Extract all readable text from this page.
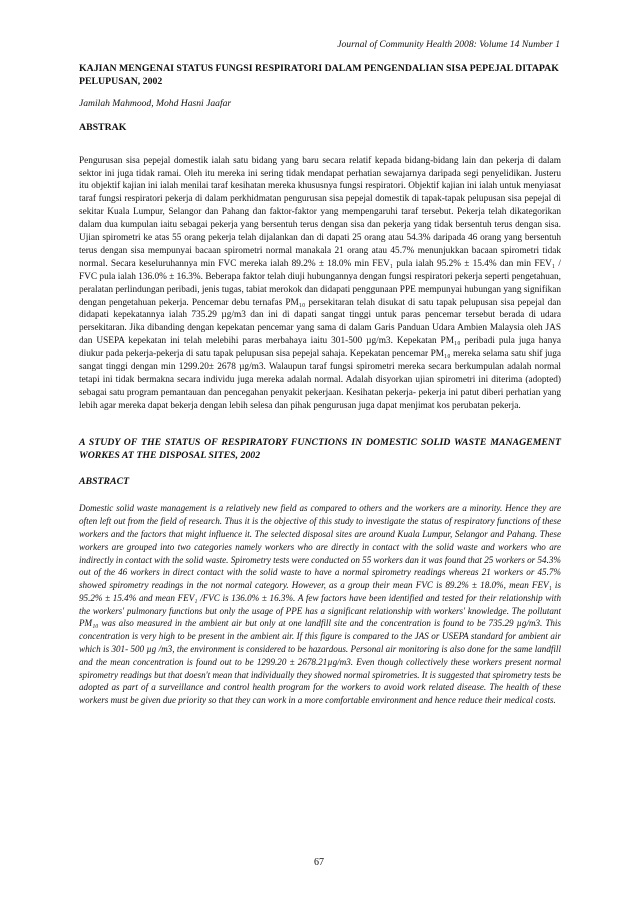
Journal of Community Health 2008: Volume 14 Number 1

KAJIAN MENGENAI STATUS FUNGSI RESPIRATORI DALAM PENGENDALIAN SISA PEPEJAL DITAPAK PELUPUSAN, 2002

Jamilah Mahmood, Mohd Hasni Jaafar

ABSTRAK

Pengurusan sisa pepejal domestik ialah satu bidang yang baru secara relatif kepada bidang-bidang lain dan pekerja di dalam sektor ini juga tidak ramai. Oleh itu mereka ini sering tidak mendapat perhatian sewajarnya daripada segi penyelidikan. Justeru itu objektif kajian ini ialah menilai taraf kesihatan mereka khususnya fungsi respiratori. Objektif kajian ini ialah untuk menyiasat taraf fungsi respiratori pekerja di dalam perkhidmatan pengurusan sisa pepejal domestik di tapak-tapak pelupusan sisa pepejal di sekitar Kuala Lumpur, Selangor dan Pahang dan faktor-faktor yang mempengaruhi taraf tersebut. Pekerja telah dikategorikan dalam dua kumpulan iaitu sebagai pekerja yang bersentuh terus dengan sisa dan pekerja yang tidak bersentuh terus dengan sisa. Ujian spirometri ke atas 55 orang pekerja telah dijalankan dan di dapati 25 orang atau 54.3% daripada 46 orang yang bersentuh terus dengan sisa mempunyai bacaan spirometri normal manakala 21 orang atau 45.7% menunjukkan bacaan spirometri tidak normal. Secara keseluruhannya min FVC mereka ialah 89.2% ± 18.0% min FEV₁ pula ialah 95.2% ± 15.4% dan min FEV₁ / FVC pula ialah 136.0% ± 16.3%. Beberapa faktor telah diuji hubungannya dengan fungsi respiratori pekerja seperti pengetahuan, peralatan perlindungan peribadi, jenis tugas, tabiat merokok dan didapati penggunaan PPE mempunyai hubungan yang signifikan dengan pengetahuan pekerja. Pencemar debu ternafas PM₁₀ persekitaran telah disukat di satu tapak pelupusan sisa pepejal dan didapati kepekatannya ialah 735.29 µg/m3 dan ini di dapati sangat tinggi untuk paras pencemar tersebut berada di udara persekitaran. Jika dibanding dengan kepekatan pencemar yang sama di dalam Garis Panduan Udara Ambien Malaysia oleh JAS dan USEPA kepekatan ini telah melebihi paras merbahaya iaitu 301-500 µg/m3. Kepekatan PM₁₀ peribadi pula juga hanya diukur pada pekerja-pekerja di satu tapak pelupusan sisa pepejal sahaja. Kepekatan pencemar PM₁₀ mereka selama satu shif juga sangat tinggi dengan min 1299.20± 2678 µg/m3. Walaupun taraf fungsi spirometri mereka secara berkumpulan adalah normal tetapi ini tidak bermakna secara individu juga mereka adalah normal. Adalah disyorkan ujian spirometri ini diterima (adopted) sebagai satu program pemantauan dan pencegahan penyakit pekerjaan. Kesihatan pekerja- pekerja ini patut diberi perhatian yang lebih agar mereka dapat bekerja dengan lebih selesa dan pihak pengurusan juga dapat menjimat kos perubatan pekerja.

A STUDY OF THE STATUS OF RESPIRATORY FUNCTIONS IN DOMESTIC SOLID WASTE MANAGEMENT WORKES AT THE DISPOSAL SITES, 2002

ABSTRACT

Domestic solid waste management is a relatively new field as compared to others and the workers are a minority. Hence they are often left out from the field of research. Thus it is the objective of this study to investigate the status of respiratory functions of these workers and the factors that might influence it. The selected disposal sites are around Kuala Lumpur, Selangor and Pahang. These workers are grouped into two categories namely workers who are directly in contact with the solid waste and workers who are indirectly in contact with the solid waste. Spirometry tests were conducted on 55 workers dan it was found that 25 workers or 54.3% out of the 46 workers in direct contact with the solid waste to have a normal spirometry readings whereas 21 workers or 45.7% showed spirometry readings in the not normal category. However, as a group their mean FVC is 89.2% ± 18.0%, mean FEV₁ is 95.2% ± 15.4% and mean FEV₁ /FVC is 136.0% ± 16.3%. A few factors have been identified and tested for their relationship with the workers' pulmonary functions but only the usage of PPE has a significant relationship with workers' knowledge. The pollutant PM₁₀ was also measured in the ambient air but only at one landfill site and the concentration is found to be 735.29 µg/m3. This concentration is very high to be present in the ambient air. If this figure is compared to the JAS or USEPA standard for ambient air which is 301- 500 µg /m3, the environment is considered to be hazardous. Personal air monitoring is also done for the same landfill and the mean concentration is found out to be 1299.20 ± 2678.21µg/m3. Even though collectively these workers present normal spirometry readings but that doesn't mean that individually they showed normal spirometries. It is suggested that spirometry tests be adopted as part of a surveillance and control health program for the workers to avoid work related disease. The health of these workers must be given due priority so that they can work in a more comfortable environment and hence reduce their medical costs.

67
